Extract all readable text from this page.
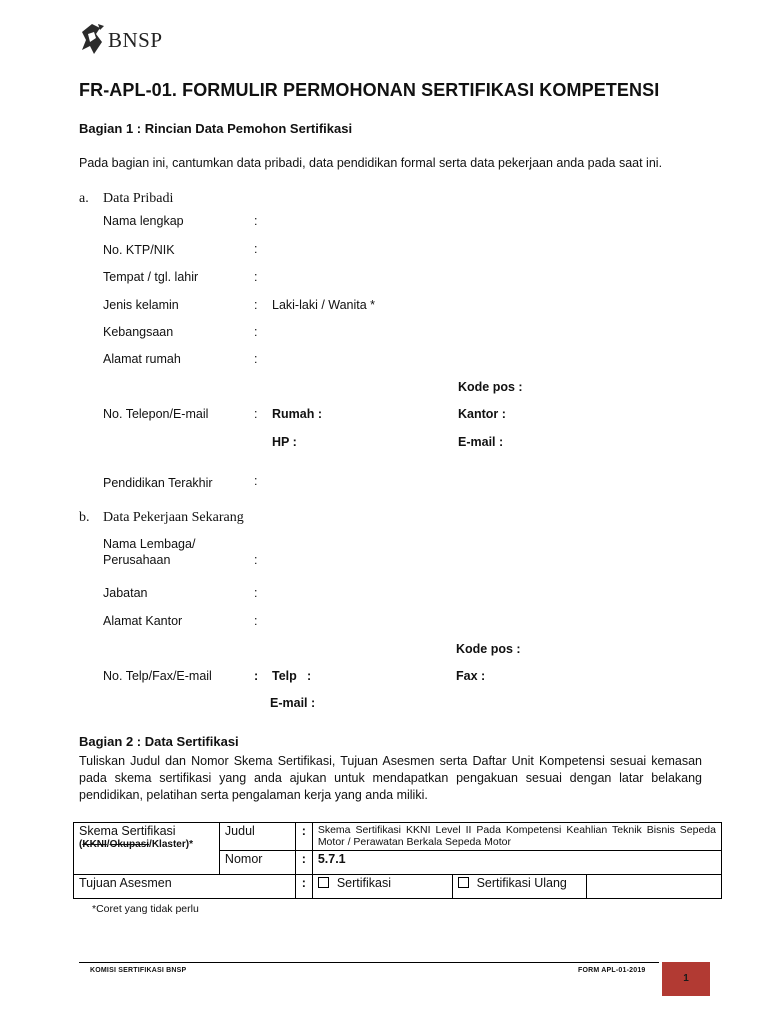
BNSP
FR-APL-01. FORMULIR PERMOHONAN SERTIFIKASI KOMPETENSI
Bagian 1 : Rincian Data Pemohon Sertifikasi
Pada bagian ini, cantumkan data pribadi, data pendidikan formal serta data pekerjaan anda pada saat ini.
a. Data Pribadi
Nama lengkap	:
No. KTP/NIK	:
Tempat / tgl. lahir	:
Jenis kelamin	: Laki-laki / Wanita *
Kebangsaan	:
Alamat rumah	:
Kode pos :
No. Telepon/E-mail	: Rumah :	Kantor :
HP :	E-mail :
Pendidikan Terakhir	:
b. Data Pekerjaan Sekarang
Nama Lembaga/
Perusahaan	:
Jabatan	:
Alamat Kantor	:
Kode pos :
No. Telp/Fax/E-mail	: Telp :	Fax :
E-mail :
Bagian 2 : Data Sertifikasi
Tuliskan Judul dan Nomor Skema Sertifikasi, Tujuan Asesmen serta Daftar Unit Kompetensi sesuai kemasan pada skema sertifikasi yang anda ajukan untuk mendapatkan pengakuan sesuai dengan latar belakang pendidikan, pelatihan serta pengalaman kerja yang anda miliki.
Skema Sertifikasi
(KKNI/Okupasi/Klaster)*	Judul	:	Skema Sertifikasi KKNI Level II Pada Kompetensi Keahlian Teknik Bisnis Sepeda Motor / Perawatan Berkala Sepeda Motor		
	Nomor	:	5.7.1		
Tujuan Asesmen		:	Sertifikasi	Sertifikasi Ulang	
*Coret yang tidak perlu
KOMISI SERTIFIKASI BNSP	FORM APL-01-2019
1
